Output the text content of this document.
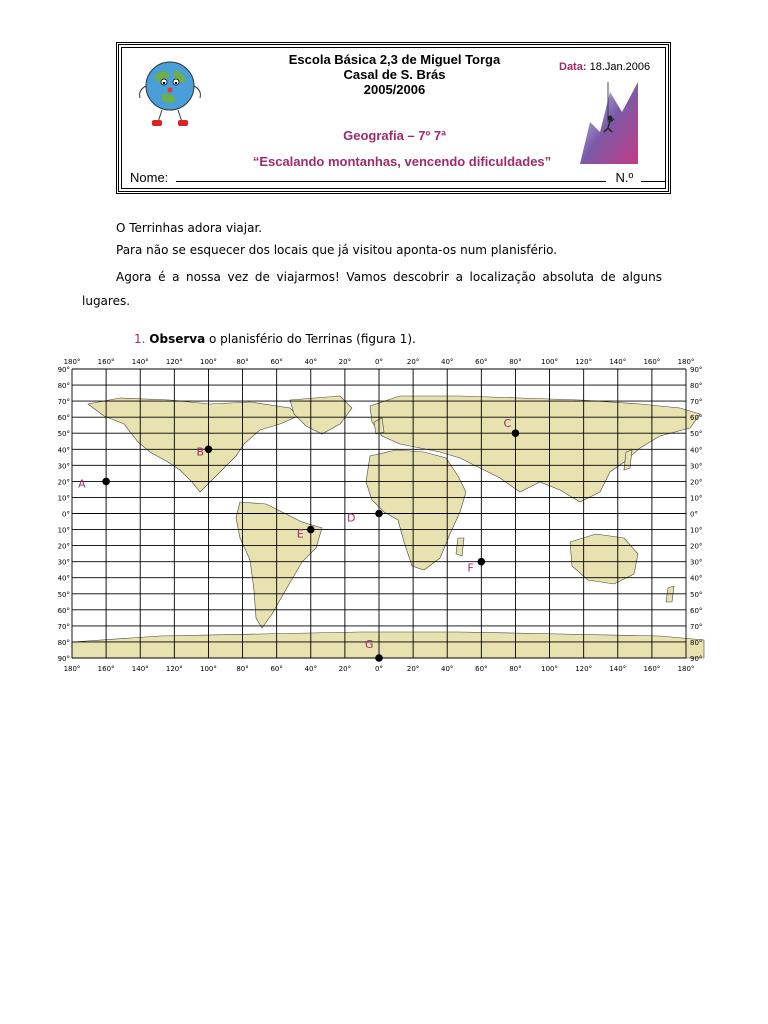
Escola Básica 2,3 de Miguel Torga
Casal de S. Brás
2005/2006
Data: 18.Jan.2006
Geografia – 7º 7ª
“Escalando montanhas, vencendo dificuldades”
Nome:	N.º
O Terrinhas adora viajar.
Para não se esquecer dos locais que já visitou aponta-os num planisfério.
Agora é a nossa vez de viajarmos! Vamos descobrir a localização absoluta de alguns lugares.
1. Observa o planisfério do Terrinas (figura 1).
180°
180°
160°
160°
140°
140°
120°
120°
100°
100°
80°
80°
60°
60°
40°
40°
20°
20°
0°
0°
20°
20°
40°
40°
60°
60°
80°
80°
100°
100°
120°
120°
140°
140°
160°
160°
180°
180°
90°	90°
80°	80°
70°	70°
60°	60°
50°	50°
40°	40°
30°	30°
20°	20°
10°	10°
0°	0°
10°	10°
20°	20°
30°	30°
40°	40°
50°	50°
60°	60°
70°	70°
80°	80°
90°	90°
A
B
C
D
E
F
G
